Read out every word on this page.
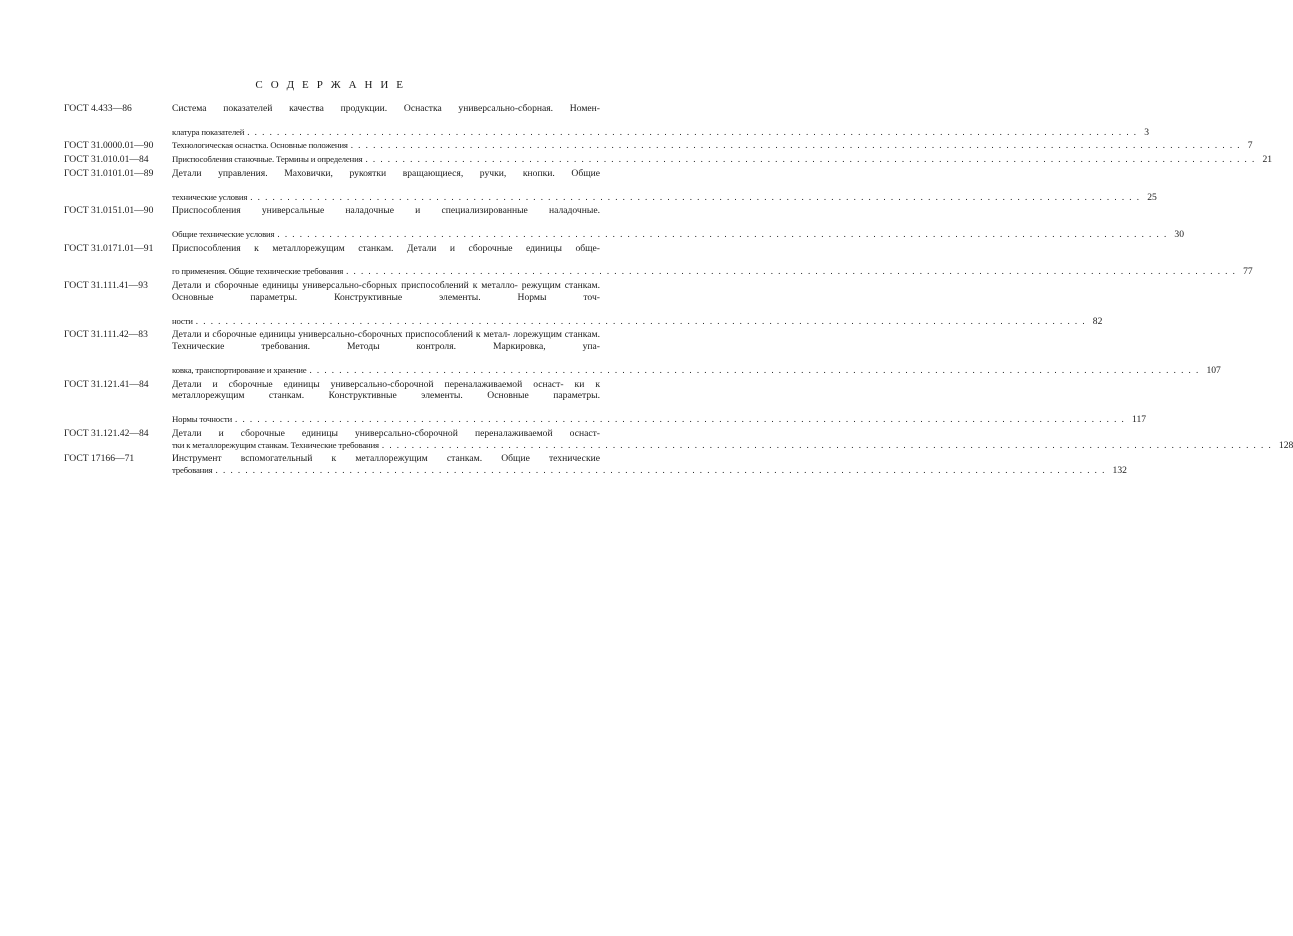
С О Д Е Р Ж А Н И Е
ГОСТ 4.433—86	Система показателей качества продукции. Оснастка универсально-сборная. Номен-
клатура показателей ........................................................................................................................ 3
ГОСТ 31.0000.01—90	Технологическая оснастка. Основные положения ........................................................................................................................ 7
ГОСТ 31.010.01—84	Приспособления станочные. Термины и определения ........................................................................................................................ 21
ГОСТ 31.0101.01—89	Детали управления. Маховички, рукоятки вращающиеся, ручки, кнопки. Общие
технические условия ........................................................................................................................ 25
ГОСТ 31.0151.01—90	Приспособления универсальные наладочные и специализированные наладочные.
Общие технические условия ........................................................................................................................ 30
ГОСТ 31.0171.01—91	Приспособления к металлорежущим станкам. Детали и сборочные единицы обще-
го применения. Общие технические требования ........................................................................................................................ 77
ГОСТ 31.111.41—93	Детали и сборочные единицы универсально-сборных приспособлений к металло- режущим станкам. Основные параметры. Конструктивные элементы. Нормы точ-
ности ........................................................................................................................ 82
ГОСТ 31.111.42—83	Детали и сборочные единицы универсально-сборочных приспособлений к метал- лорежущим станкам. Технические требования. Методы контроля. Маркировка, упа-
ковка, транспортирование и хранение ........................................................................................................................ 107
ГОСТ 31.121.41—84	Детали и сборочные единицы универсально-сборочной переналаживаемой оснаст- ки к металлорежущим станкам. Конструктивные элементы. Основные параметры.
Нормы точности ........................................................................................................................ 117
ГОСТ 31.121.42—84	Детали и сборочные единицы универсально-сборочной переналаживаемой оснаст-
тки к металлорежущим станкам. Технические требования ........................................................................................................................ 128
ГОСТ 17166—71	Инструмент вспомогательный к металлорежущим станкам. Общие технические
требования ........................................................................................................................ 132
